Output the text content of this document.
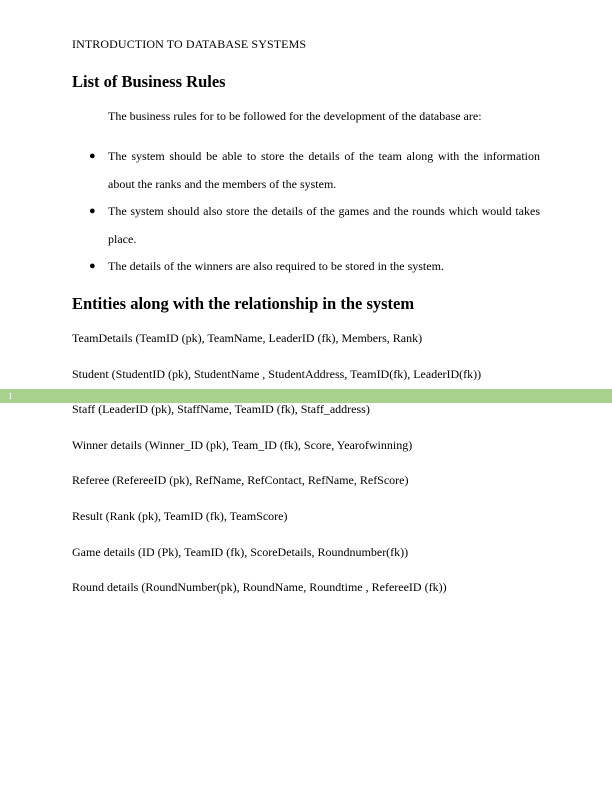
INTRODUCTION TO DATABASE SYSTEMS
List of Business Rules
The business rules for to be followed for the development of the database are:
● The system should be able to store the details of the team along with the information about the ranks and the members of the system.
● The system should also store the details of the games and the rounds which would takes place.
● The details of the winners are also required to be stored in the system.
Entities along with the relationship in the system
TeamDetails (TeamID (pk), TeamName, LeaderID (fk), Members, Rank)
Student (StudentID (pk), StudentName , StudentAddress, TeamID(fk), LeaderID(fk))
1
Staff (LeaderID (pk), StaffName, TeamID (fk), Staff_address)
Winner details (Winner_ID (pk), Team_ID (fk), Score, Yearofwinning)
Referee (RefereeID (pk), RefName, RefContact, RefName, RefScore)
Result (Rank (pk), TeamID (fk), TeamScore)
Game details (ID (Pk), TeamID (fk), ScoreDetails, Roundnumber(fk))
Round details (RoundNumber(pk), RoundName, Roundtime , RefereeID (fk))
